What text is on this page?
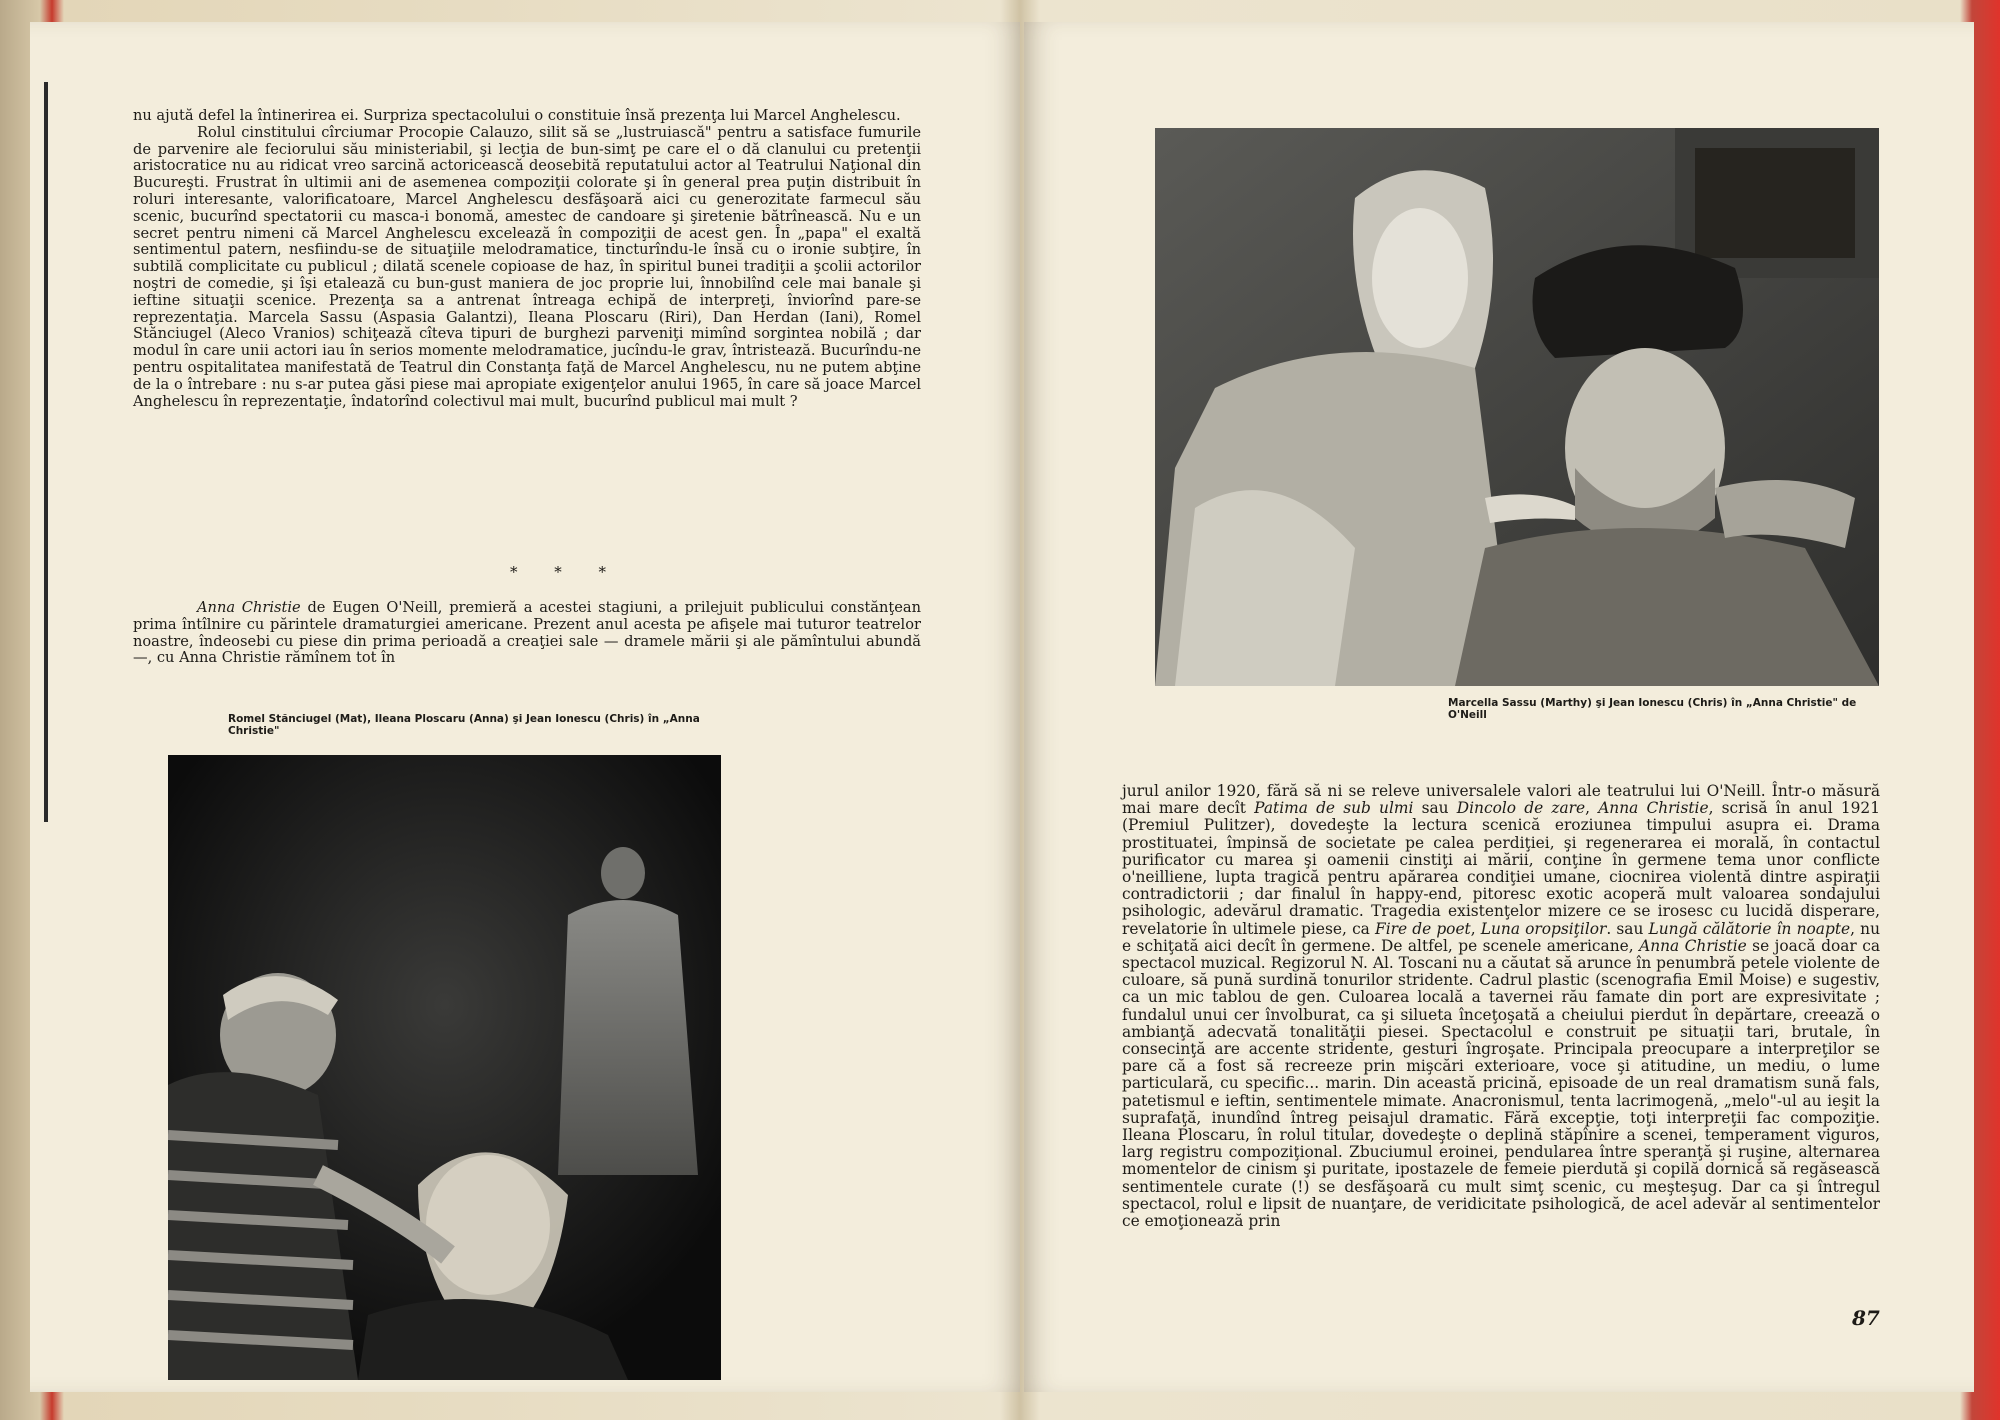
nu ajută defel la întinerirea ei. Surpriza spectacolului o constituie însă prezenţa lui Marcel Anghelescu.

Rolul cinstitului cîrciumar Procopie Calauzo, silit să se „lustruiască" pentru a satisface fumurile de parvenire ale feciorului său ministeriabil, şi lecţia de bun-simţ pe care el o dă clanului cu pretenţii aristocratice nu au ridicat vreo sarcină actoricească deosebită reputatului actor al Teatrului Naţional din Bucureşti. Frustrat în ultimii ani de asemenea compoziţii colorate şi în general prea puţin distribuit în roluri interesante, valorificatoare, Marcel Anghelescu desfăşoară aici cu generozitate farmecul său scenic, bucurînd spectatorii cu masca-i bonomă, amestec de candoare şi şiretenie bătrînească. Nu e un secret pentru nimeni că Marcel Anghelescu excelează în compoziţii de acest gen. În „papa" el exaltă sentimentul patern, nesfiindu-se de situaţiile melodramatice, tincturîndu-le însă cu o ironie subţire, în subtilă complicitate cu publicul ; dilată scenele copioase de haz, în spiritul bunei tradiţii a şcolii actorilor noştri de comedie, şi îşi etalează cu bun-gust maniera de joc proprie lui, înnobilînd cele mai banale şi ieftine situaţii scenice. Prezenţa sa a antrenat întreaga echipă de interpreţi, înviorînd pare-se reprezentaţia. Marcela Sassu (Aspasia Galantzi), Ileana Ploscaru (Riri), Dan Herdan (Iani), Romel Stănciugel (Aleco Vranios) schiţează cîteva tipuri de burghezi parveniţi mimînd sorgintea nobilă ; dar modul în care unii actori iau în serios momente melodramatice, jucîndu-le grav, întristează. Bucurîndu-ne pentru ospitalitatea manifestată de Teatrul din Constanţa faţă de Marcel Anghelescu, nu ne putem abţine de la o întrebare : nu s-ar putea găsi piese mai apropiate exigenţelor anului 1965, în care să joace Marcel Anghelescu în reprezentaţie, îndatorînd colectivul mai mult, bucurînd publicul mai mult ?

* * *

Anna Christie de Eugen O'Neill, premieră a acestei stagiuni, a prilejuit publicului constănţean prima întîlnire cu părintele dramaturgiei americane. Prezent anul acesta pe afişele mai tuturor teatrelor noastre, îndeosebi cu piese din prima perioadă a creaţiei sale — dramele mării şi ale pămîntului abundă —, cu Anna Christie rămînem tot în

Romel Stănciugel (Mat), Ileana Ploscaru (Anna) şi Jean Ionescu (Chris) în „Anna Christie"
Marcella Sassu (Marthy) şi Jean Ionescu (Chris) în „Anna Christie" de O'Neill

jurul anilor 1920, fără să ni se releve universalele valori ale teatrului lui O'Neill. Într-o măsură mai mare decît Patima de sub ulmi sau Dincolo de zare, Anna Christie, scrisă în anul 1921 (Premiul Pulitzer), dovedeşte la lectura scenică eroziunea timpului asupra ei. Drama prostituatei, împinsă de societate pe calea perdiţiei, şi regenerarea ei morală, în contactul purificator cu marea şi oamenii cinstiţi ai mării, conţine în germene tema unor conflicte o'neilliene, lupta tragică pentru apărarea condiţiei umane, ciocnirea violentă dintre aspiraţii contradictorii ; dar finalul în happy-end, pitoresc exotic acoperă mult valoarea sondajului psihologic, adevărul dramatic. Tragedia existenţelor mizere ce se irosesc cu lucidă disperare, revelatorie în ultimele piese, ca Fire de poet, Luna oropsiţilor. sau Lungă călătorie în noapte, nu e schiţată aici decît în germene. De altfel, pe scenele americane, Anna Christie se joacă doar ca spectacol muzical. Regizorul N. Al. Toscani nu a căutat să arunce în penumbră petele violente de culoare, să pună surdină tonurilor stridente. Cadrul plastic (scenografia Emil Moise) e sugestiv, ca un mic tablou de gen. Culoarea locală a tavernei rău famate din port are expresivitate ; fundalul unui cer învolburat, ca şi silueta înceţoşată a cheiului pierdut în depărtare, creează o ambianţă adecvată tonalităţii piesei. Spectacolul e construit pe situaţii tari, brutale, în consecinţă are accente stridente, gesturi îngroşate. Principala preocupare a interpreţilor se pare că a fost să recreeze prin mişcări exterioare, voce şi atitudine, un mediu, o lume particulară, cu specific... marin. Din această pricină, episoade de un real dramatism sună fals, patetismul e ieftin, sentimentele mimate. Anacronismul, tenta lacrimogenă, „melo"-ul au ieşit la suprafaţă, inundînd întreg peisajul dramatic. Fără excepţie, toţi interpreţii fac compoziţie. Ileana Ploscaru, în rolul titular, dovedeşte o deplină stăpînire a scenei, temperament viguros, larg registru compoziţional. Zbuciumul eroinei, pendularea între speranţă şi ruşine, alternarea momentelor de cinism şi puritate, ipostazele de femeie pierdută şi copilă dornică să regăsească sentimentele curate (!) se desfăşoară cu mult simţ scenic, cu meşteşug. Dar ca şi întregul spectacol, rolul e lipsit de nuanţare, de veridicitate psihologică, de acel adevăr al sentimentelor ce emoţionează prin

87
